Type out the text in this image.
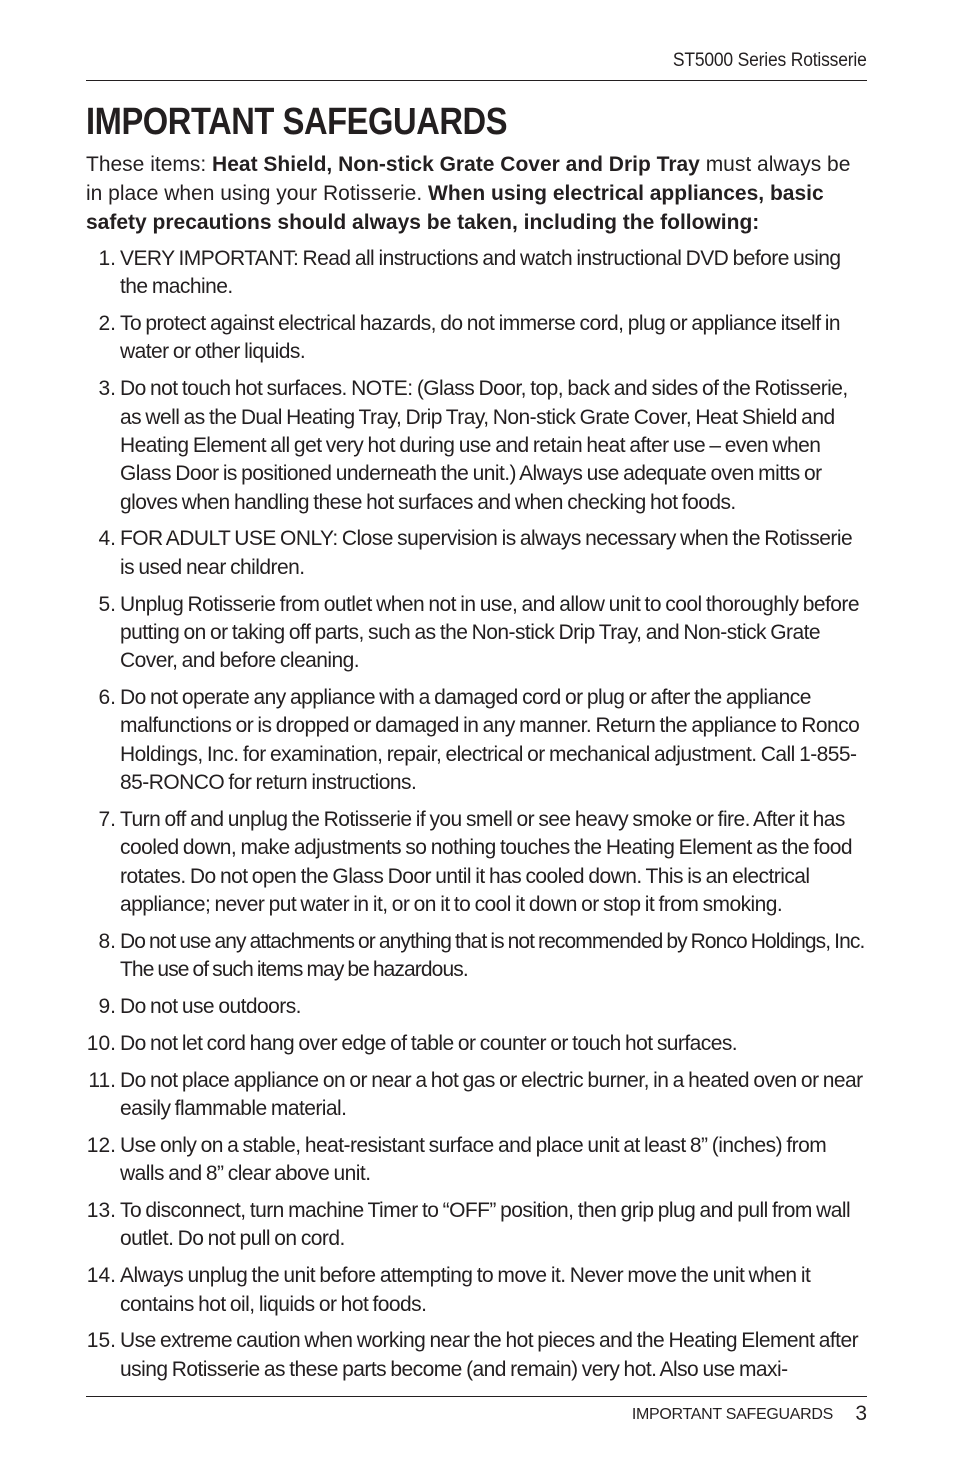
ST5000 Series Rotisserie
IMPORTANT SAFEGUARDS

These items: Heat Shield, Non-stick Grate Cover and Drip Tray must always be in place when using your Rotisserie. When using electrical appliances, basic safety precautions should always be taken, including the following:

1. VERY IMPORTANT: Read all instructions and watch instructional DVD before using the machine.
2. To protect against electrical hazards, do not immerse cord, plug or appliance itself in water or other liquids.
3. Do not touch hot surfaces. NOTE: (Glass Door, top, back and sides of the Rotisserie, as well as the Dual Heating Tray, Drip Tray, Non-stick Grate Cover, Heat Shield and Heating Element all get very hot during use and retain heat after use – even when Glass Door is positioned underneath the unit.) Always use adequate oven mitts or gloves when handling these hot surfaces and when checking hot foods.
4. FOR ADULT USE ONLY: Close supervision is always necessary when the Rotisserie is used near children.
5. Unplug Rotisserie from outlet when not in use, and allow unit to cool thoroughly before putting on or taking off parts, such as the Non-stick Drip Tray, and Non-stick Grate Cover, and before cleaning.
6. Do not operate any appliance with a damaged cord or plug or after the appliance malfunctions or is dropped or damaged in any manner. Return the appliance to Ronco Holdings, Inc. for examination, repair, electrical or mechanical adjustment. Call 1-855-85-RONCO for return instructions.
7. Turn off and unplug the Rotisserie if you smell or see heavy smoke or fire. After it has cooled down, make adjustments so nothing touches the Heating Element as the food rotates. Do not open the Glass Door until it has cooled down. This is an electrical appliance; never put water in it, or on it to cool it down or stop it from smoking.
8. Do not use any attachments or anything that is not recommended by Ronco Holdings, Inc. The use of such items may be hazardous.
9. Do not use outdoors.
10. Do not let cord hang over edge of table or counter or touch hot surfaces.
11. Do not place appliance on or near a hot gas or electric burner, in a heated oven or near easily flammable material.
12. Use only on a stable, heat-resistant surface and place unit at least 8” (inches) from walls and 8” clear above unit.
13. To disconnect, turn machine Timer to “OFF” position, then grip plug and pull from wall outlet. Do not pull on cord.
14. Always unplug the unit before attempting to move it. Never move the unit when it contains hot oil, liquids or hot foods.
15. Use extreme caution when working near the hot pieces and the Heating Element after using Rotisserie as these parts become (and remain) very hot. Also use maxi-
IMPORTANT SAFEGUARDS 3
